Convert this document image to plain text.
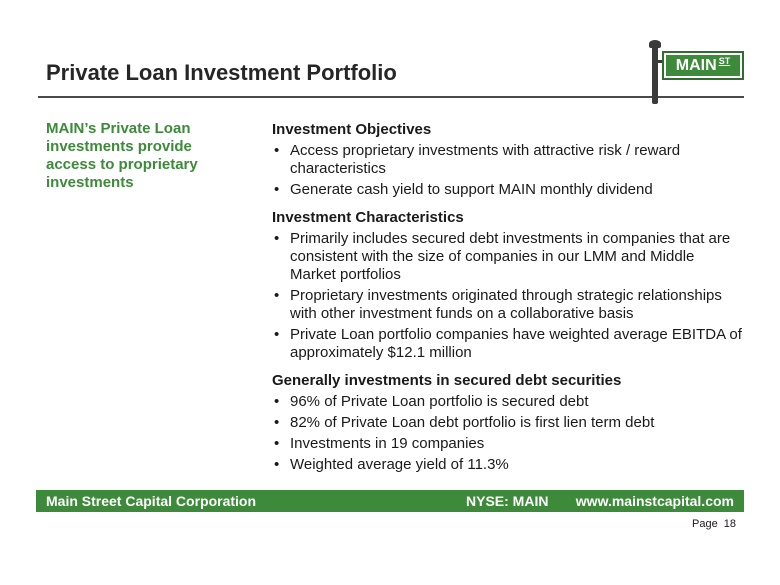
Private Loan Investment Portfolio	$MAIN^{ST}$
MAIN’s Private Loan investments provide access to proprietary investments
Investment Objectives
• Access proprietary investments with attractive risk / reward characteristics
• Generate cash yield to support MAIN monthly dividend
Investment Characteristics
• Primarily includes secured debt investments in companies that are consistent with the size of companies in our LMM and Middle Market portfolios
• Proprietary investments originated through strategic relationships with other investment funds on a collaborative basis
• Private Loan portfolio companies have weighted average EBITDA of approximately $12.1 million
Generally investments in secured debt securities
• 96% of Private Loan portfolio is secured debt
• 82% of Private Loan debt portfolio is first lien term debt
• Investments in 19 companies
• Weighted average yield of 11.3%
Main Street Capital Corporation	NYSE: MAIN www.mainstcapital.com
Page 18
